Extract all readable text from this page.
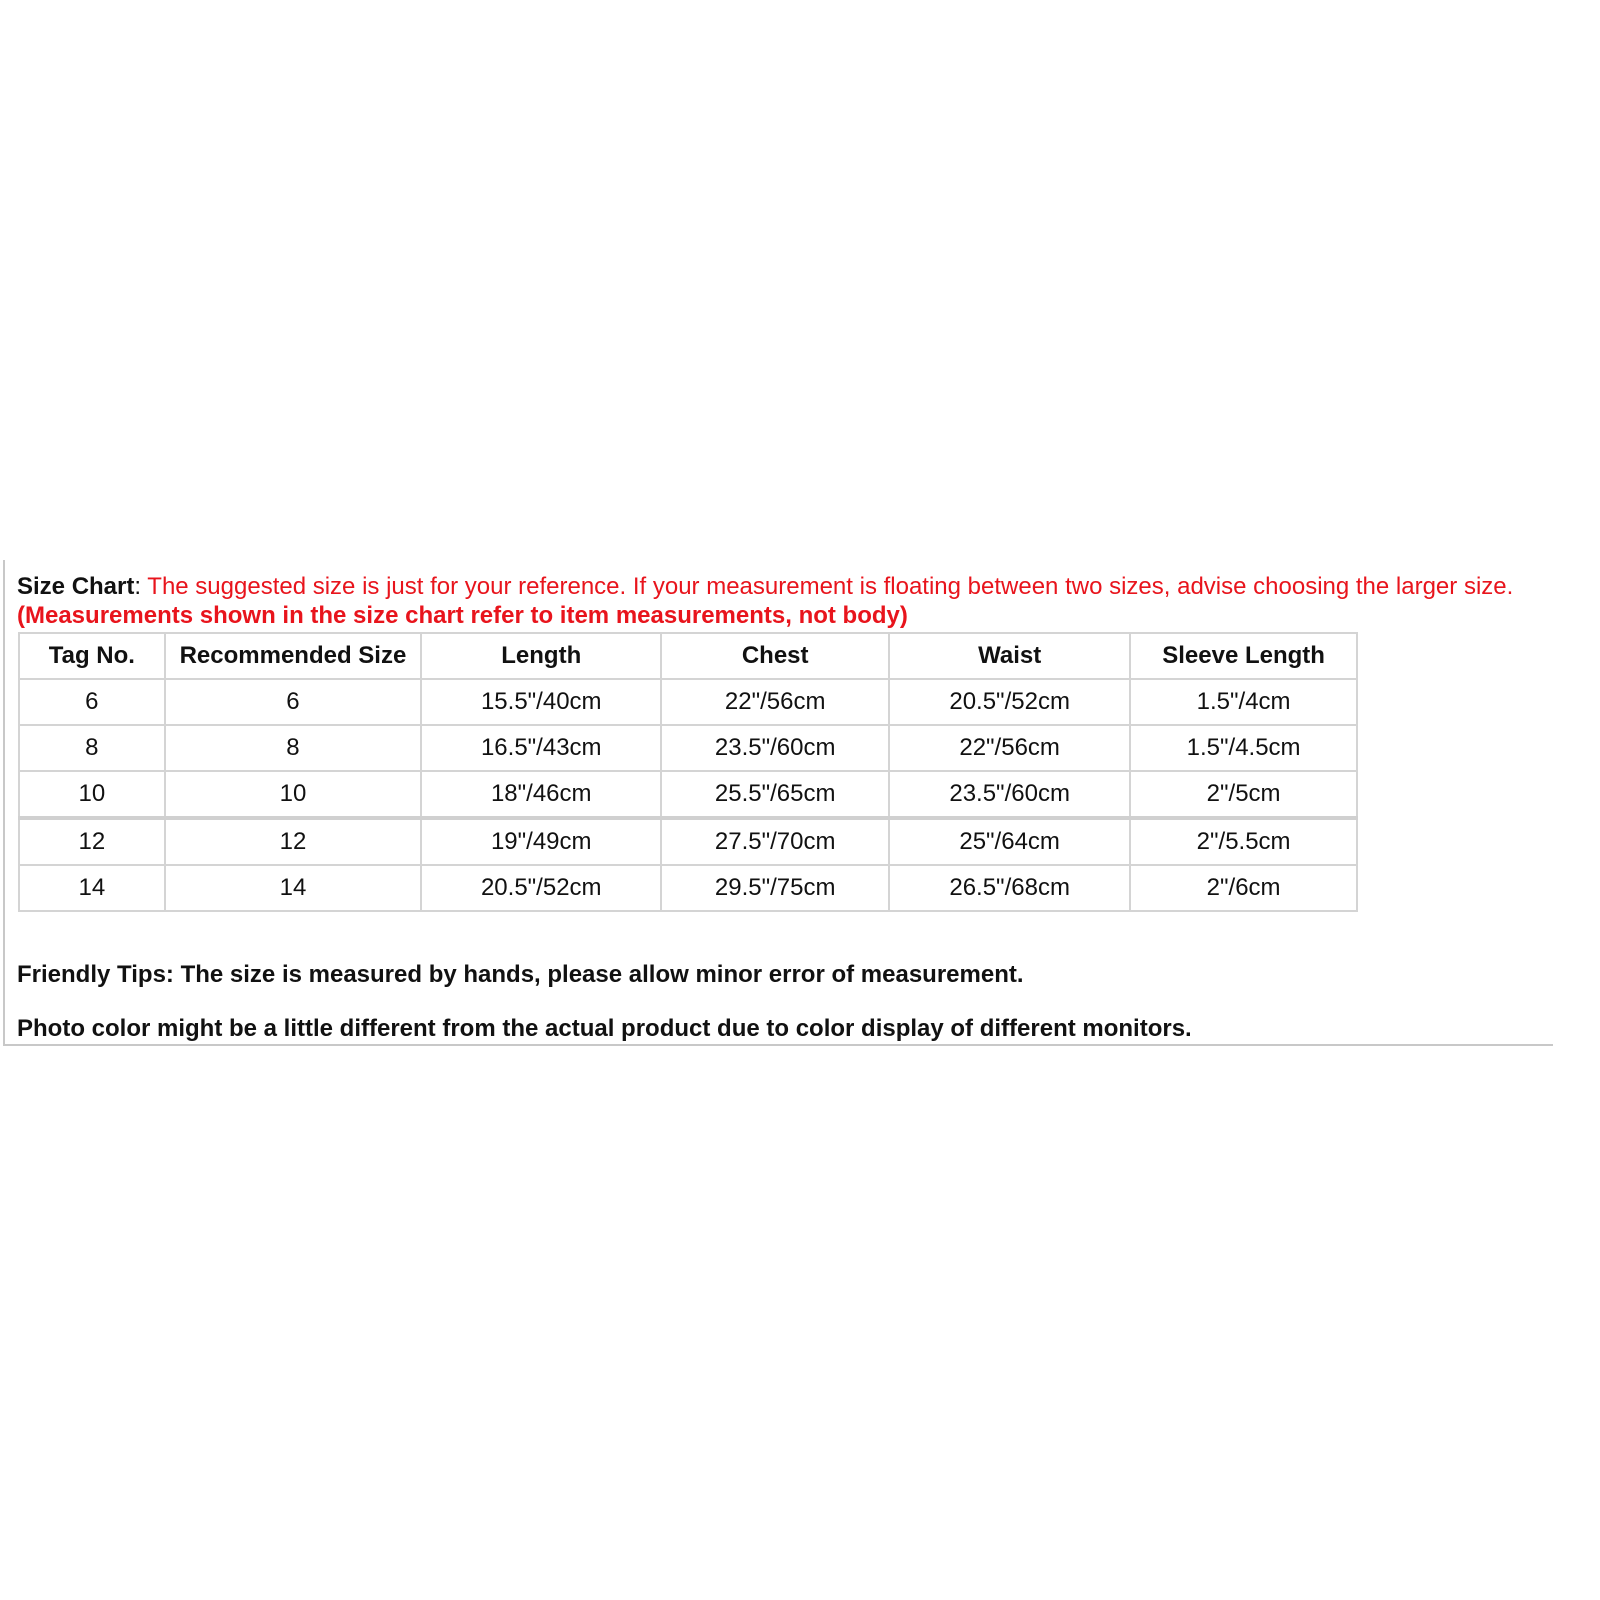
Size Chart: The suggested size is just for your reference. If your measurement is floating between two sizes, advise choosing the larger size. (Measurements shown in the size chart refer to item measurements, not body)

Tag No.	Recommended Size	Length	Chest	Waist	Sleeve Length
6	6	15.5"/40cm	22"/56cm	20.5"/52cm	1.5"/4cm
8	8	16.5"/43cm	23.5"/60cm	22"/56cm	1.5"/4.5cm
10	10	18"/46cm	25.5"/65cm	23.5"/60cm	2"/5cm
12	12	19"/49cm	27.5"/70cm	25"/64cm	2"/5.5cm
14	14	20.5"/52cm	29.5"/75cm	26.5"/68cm	2"/6cm

Friendly Tips: The size is measured by hands, please allow minor error of measurement.

Photo color might be a little different from the actual product due to color display of different monitors.
